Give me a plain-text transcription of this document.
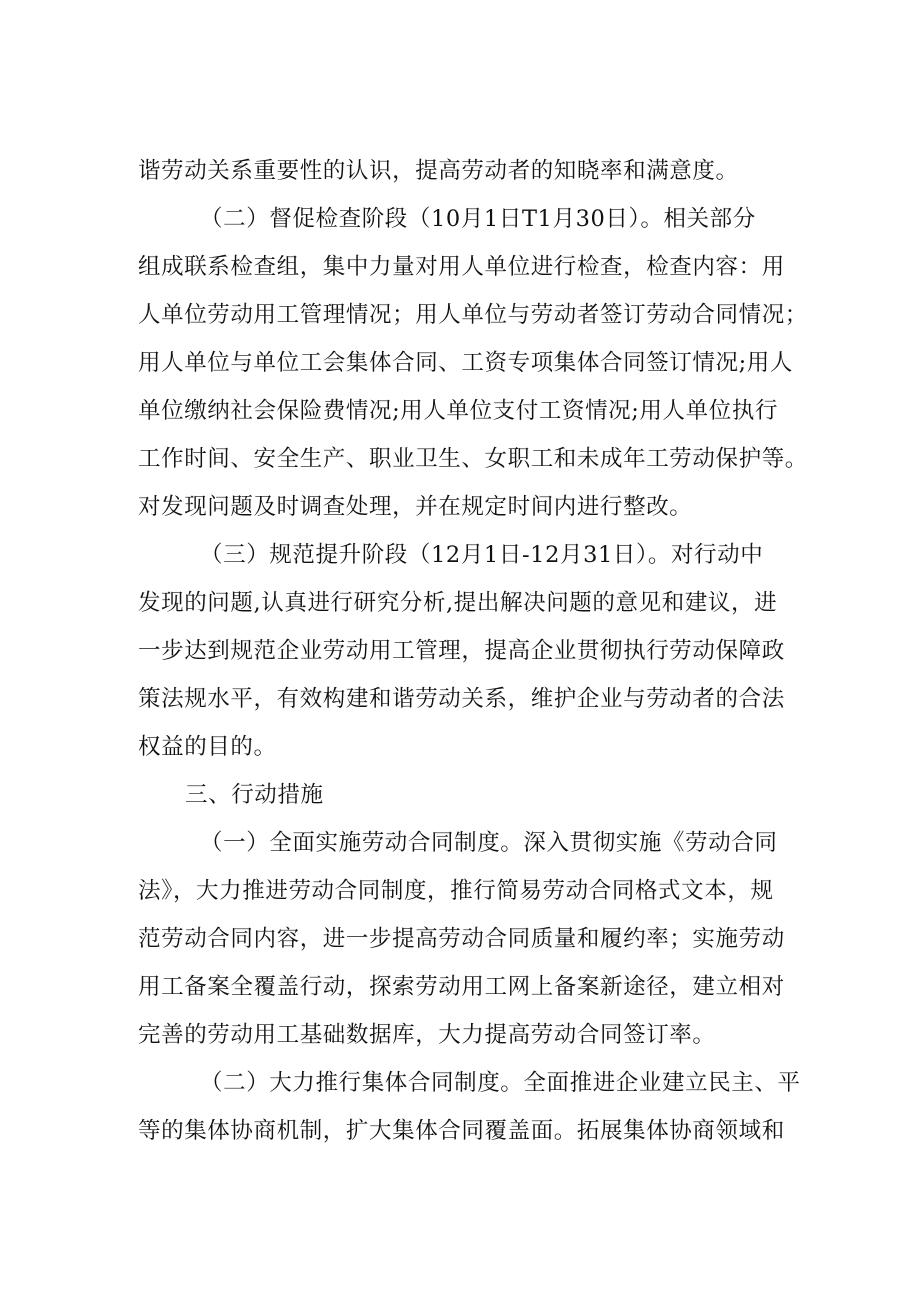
谐劳动关系重要性的认识，提高劳动者的知晓率和满意度。
（二）督促检查阶段（10月1日T1月30日）。相关部分
组成联系检查组，集中力量对用人单位进行检查，检查内容：用
人单位劳动用工管理情况；用人单位与劳动者签订劳动合同情况；
用人单位与单位工会集体合同、工资专项集体合同签订情况;用人
单位缴纳社会保险费情况;用人单位支付工资情况;用人单位执行
工作时间、安全生产、职业卫生、女职工和未成年工劳动保护等。
对发现问题及时调查处理，并在规定时间内进行整改。
（三）规范提升阶段（12月1日-12月31日）。对行动中
发现的问题,认真进行研究分析,提出解决问题的意见和建议，进
一步达到规范企业劳动用工管理，提高企业贯彻执行劳动保障政
策法规水平，有效构建和谐劳动关系，维护企业与劳动者的合法
权益的目的。
三、行动措施
（一）全面实施劳动合同制度。深入贯彻实施《劳动合同
法》，大力推进劳动合同制度，推行简易劳动合同格式文本，规
范劳动合同内容，进一步提高劳动合同质量和履约率；实施劳动
用工备案全覆盖行动，探索劳动用工网上备案新途径，建立相对
完善的劳动用工基础数据库，大力提高劳动合同签订率。
（二）大力推行集体合同制度。全面推进企业建立民主、平
等的集体协商机制，扩大集体合同覆盖面。拓展集体协商领域和
